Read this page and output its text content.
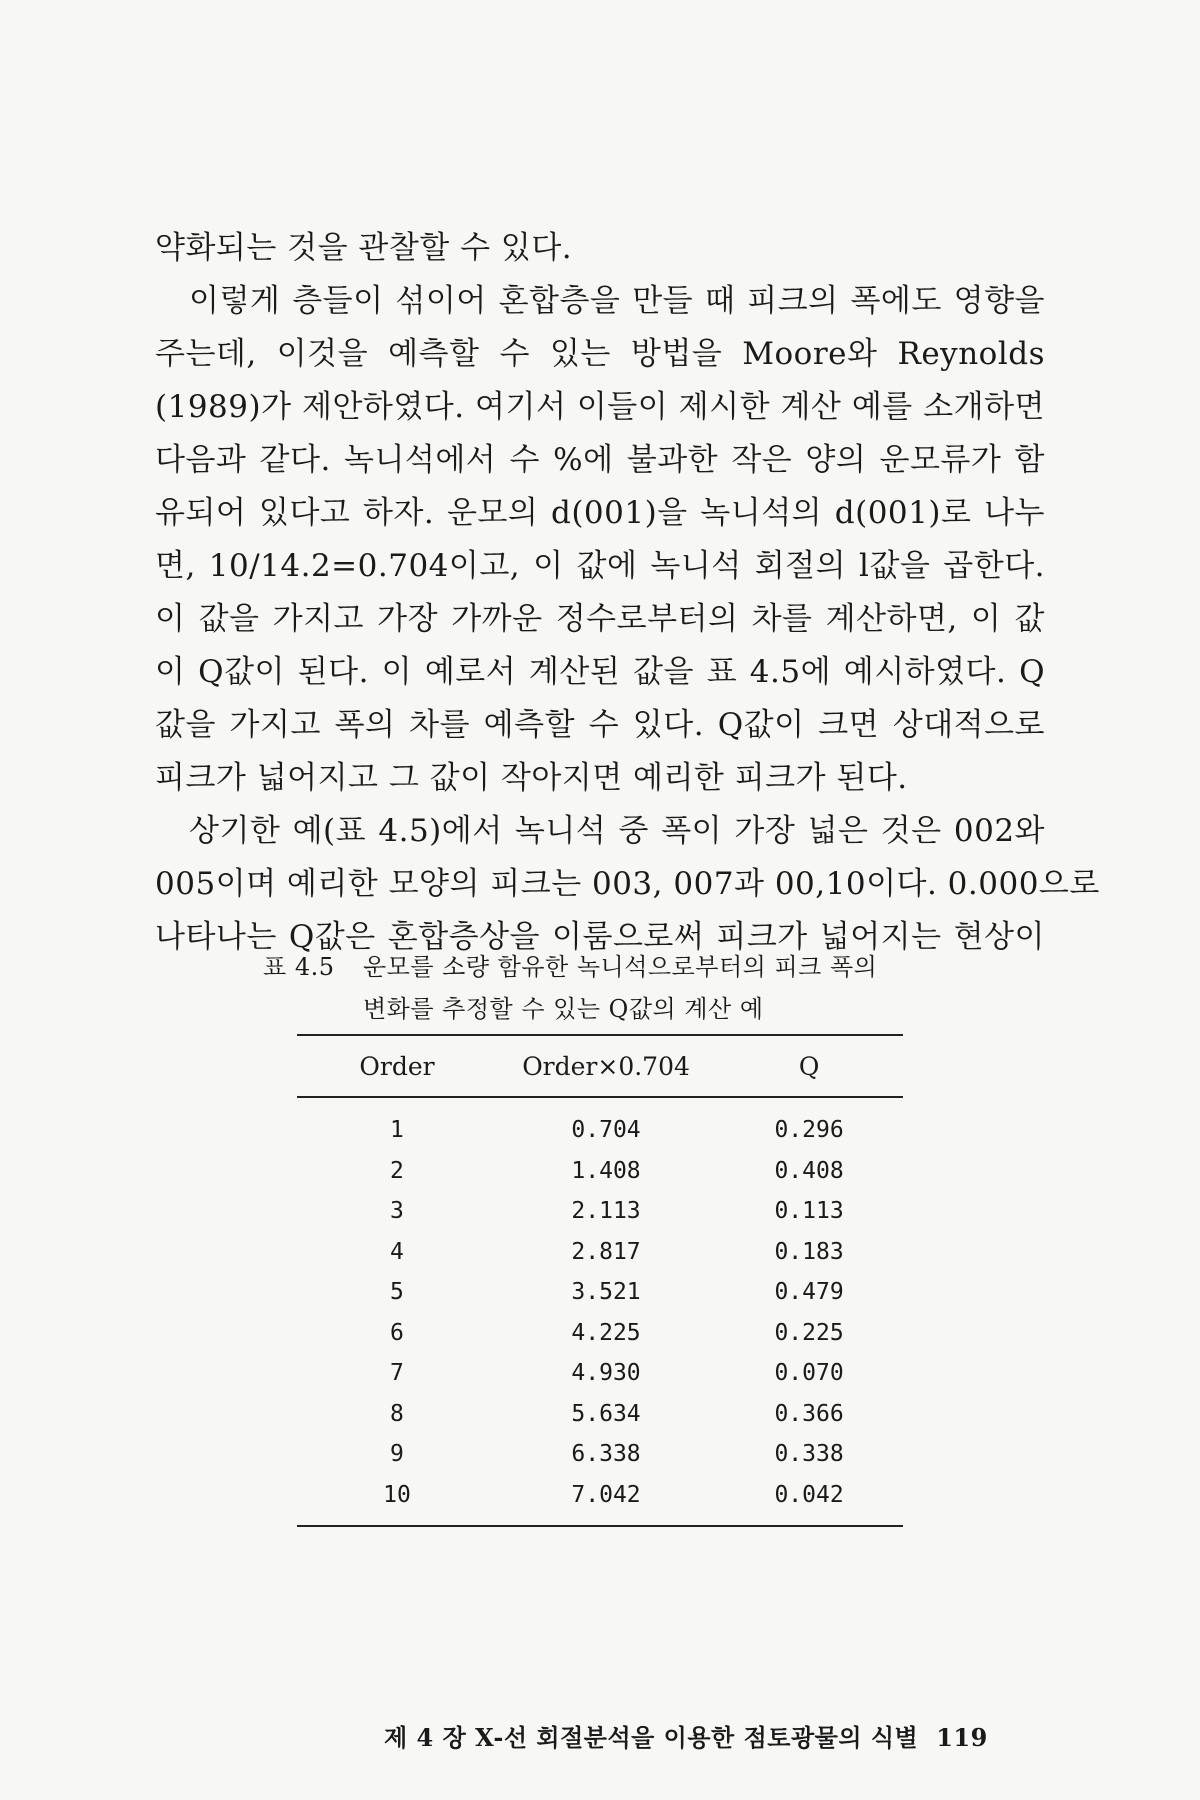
약화되는 것을 관찰할 수 있다.
이렇게 층들이 섞이어 혼합층을 만들 때 피크의 폭에도 영향을
주는데, 이것을 예측할 수 있는 방법을 Moore와 Reynolds
(1989)가 제안하였다. 여기서 이들이 제시한 계산 예를 소개하면
다음과 같다. 녹니석에서 수 %에 불과한 작은 양의 운모류가 함
유되어 있다고 하자. 운모의 d(001)을 녹니석의 d(001)로 나누
면, 10/14.2=0.704이고, 이 값에 녹니석 회절의 l값을 곱한다.
이 값을 가지고 가장 가까운 정수로부터의 차를 계산하면, 이 값
이 Q값이 된다. 이 예로서 계산된 값을 표 4.5에 예시하였다. Q
값을 가지고 폭의 차를 예측할 수 있다. Q값이 크면 상대적으로
피크가 넓어지고 그 값이 작아지면 예리한 피크가 된다.
상기한 예(표 4.5)에서 녹니석 중 폭이 가장 넓은 것은 002와
005이며 예리한 모양의 피크는 003, 007과 00,10이다. 0.000으로
나타나는 Q값은 혼합층상을 이룸으로써 피크가 넓어지는 현상이
표 4.5 운모를 소량 함유한 녹니석으로부터의 피크 폭의
변화를 추정할 수 있는 Q값의 계산 예
Order	Order×0.704	Q
1	0.704	0.296
2	1.408	0.408
3	2.113	0.113
4	2.817	0.183
5	3.521	0.479
6	4.225	0.225
7	4.930	0.070
8	5.634	0.366
9	6.338	0.338
10	7.042	0.042
제 4 장 X-선 회절분석을 이용한 점토광물의 식별 119
